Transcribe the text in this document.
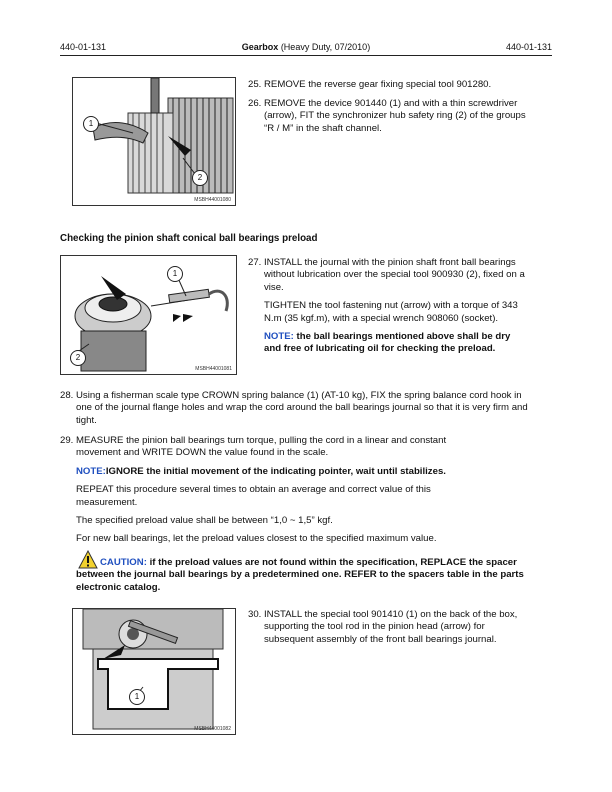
440-01-131	Gearbox (Heavy Duty, 07/2010)	440-01-131
1
2
MSBH44001080
25. REMOVE the reverse gear fixing special tool 901280.

26. REMOVE the device 901440 (1) and with a thin screwdriver (arrow), FIT the synchronizer hub safety ring (2) of the groups “R / M” in the shaft channel.

Checking the pinion shaft conical ball bearings preload
1
2
MSBH44001081
27. INSTALL the journal with the pinion shaft front ball bearings without lubrication over the special tool 900930 (2), fixed on a vise.

TIGHTEN the tool fastening nut (arrow) with a torque of 343 N.m (35 kgf.m), with a special wrench 908060 (socket).

NOTE: the ball bearings mentioned above shall be dry and free of lubricating oil for checking the preload.

28. Using a fisherman scale type CROWN spring balance (1) (AT-10 kg), FIX the spring balance cord hook in one of the journal flange holes and wrap the cord around the ball bearings journal so that it is very firm and tight.

29. MEASURE the pinion ball bearings turn torque, pulling the cord in a linear and constant movement and WRITE DOWN the value found in the scale.

NOTE:IGNORE the initial movement of the indicating pointer, wait until stabilizes.

REPEAT this procedure several times to obtain an average and correct value of this measurement.

The specified preload value shall be between “1,0 ~ 1,5” kgf.

For new ball bearings, let the preload values closest to the specified maximum value.

CAUTION: if the preload values are not found within the specification, REPLACE the spacer between the journal ball bearings by a predetermined one. REFER to the spacers table in the parts electronic catalog.
1
MSBH44001082
30. INSTALL the special tool 901410 (1) on the back of the box, supporting the tool rod in the pinion head (arrow) for subsequent assembly of the front ball bearings journal.
